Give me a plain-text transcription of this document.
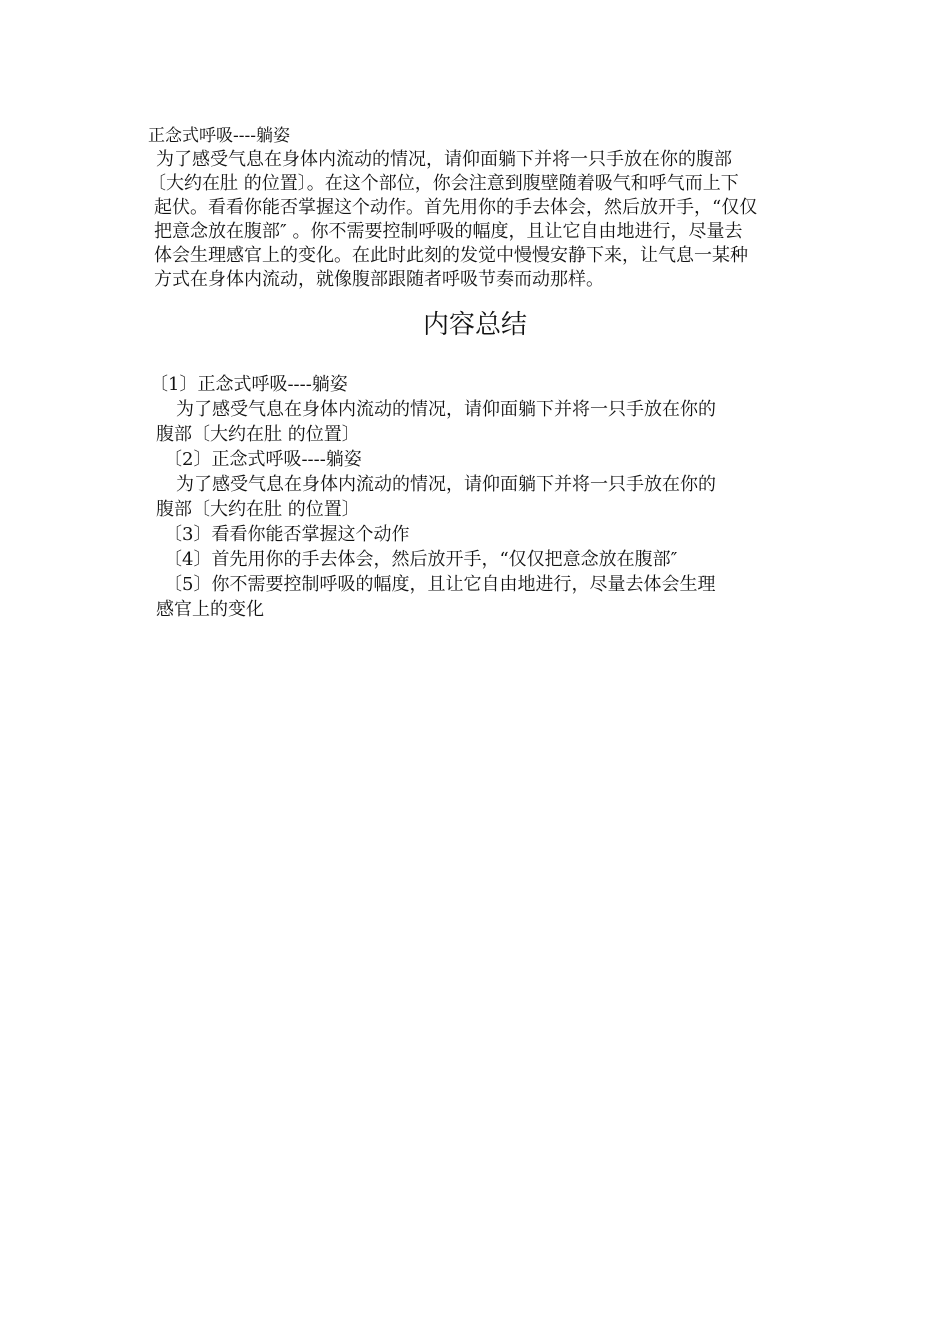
正念式呼吸----躺姿
为了感受气息在身体内流动的情况，请仰面躺下并将一只手放在你的腹部
〔大约在肚 的位置〕。在这个部位，你会注意到腹壁随着吸气和呼气而上下
起伏。看看你能否掌握这个动作。首先用你的手去体会，然后放开手，“仅仅
把意念放在腹部″ 。你不需要控制呼吸的幅度，且让它自由地进行，尽量去
体会生理感官上的变化。在此时此刻的发觉中慢慢安静下来，让气息一某种
方式在身体内流动，就像腹部跟随者呼吸节奏而动那样。
内容总结
〔1〕正念式呼吸----躺姿
为了感受气息在身体内流动的情况，请仰面躺下并将一只手放在你的
腹部〔大约在肚 的位置〕
〔2〕正念式呼吸----躺姿
为了感受气息在身体内流动的情况，请仰面躺下并将一只手放在你的
腹部〔大约在肚 的位置〕
〔3〕看看你能否掌握这个动作
〔4〕首先用你的手去体会，然后放开手，“仅仅把意念放在腹部″
〔5〕你不需要控制呼吸的幅度，且让它自由地进行，尽量去体会生理
感官上的变化
